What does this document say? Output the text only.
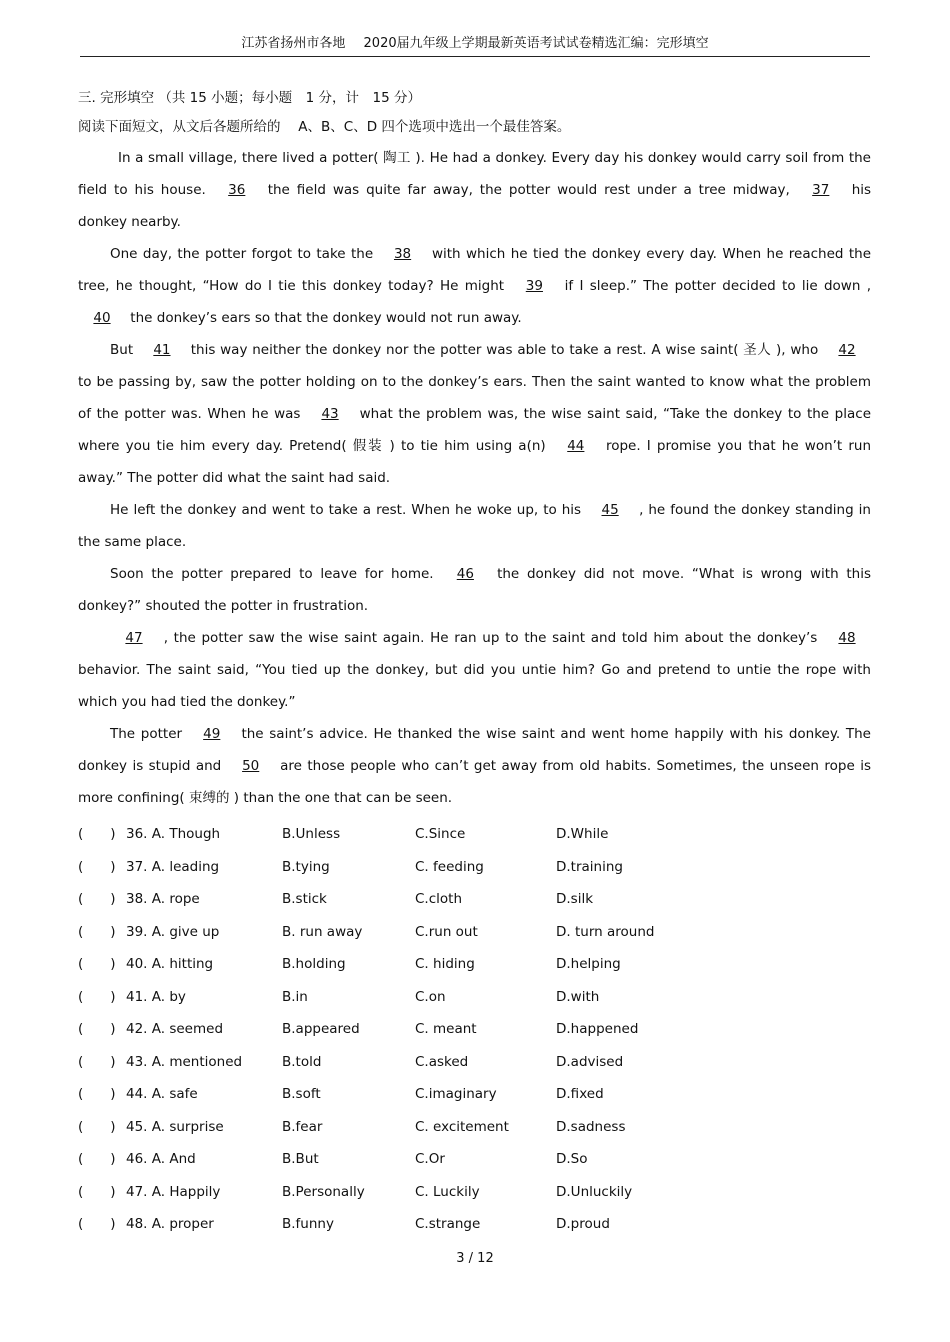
江苏省扬州市各地 2020届九年级上学期最新英语考试试卷精选汇编：完形填空
三. 完形填空 （共 15 小题；每小题　1 分，计　15 分）
阅读下面短文，从文后各题所给的　 A、B、C、D 四个选项中选出一个最佳答案。

In a small village, there lived a potter( 陶工 ). He had a donkey. Every day his donkey would carry soil from the field to his house. 36 the field was quite far away, the potter would rest under a tree midway, 37 his donkey nearby.

One day, the potter forgot to take the 38 with which he tied the donkey every day. When he reached the tree, he thought, “How do I tie this donkey today? He might 39 if I sleep.” The potter decided to lie down , 40 the donkey’s ears so that the donkey would not run away.

But 41 this way neither the donkey nor the potter was able to take a rest. A wise saint( 圣人 ), who 42 to be passing by, saw the potter holding on to the donkey’s ears. Then the saint wanted to know what the problem of the potter was. When he was 43 what the problem was, the wise saint said, “Take the donkey to the place where you tie him every day. Pretend( 假装 ) to tie him using a(n) 44 rope. I promise you that he won’t run away.” The potter did what the saint had said.

He left the donkey and went to take a rest. When he woke up, to his 45 , he found the donkey standing in the same place.

Soon the potter prepared to leave for home. 46 the donkey did not move. “What is wrong with this donkey?” shouted the potter in frustration.

47 , the potter saw the wise saint again. He ran up to the saint and told him about the donkey’s 48 behavior. The saint said, “You tied up the donkey, but did you untie him? Go and pretend to untie the rope with which you had tied the donkey.”

The potter 49 the saint’s advice. He thanked the wise saint and went home happily with his donkey. The donkey is stupid and 50 are those people who can’t get away from old habits. Sometimes, the unseen rope is more confining( 束缚的 ) than the one that can be seen.

(　　) 36. A. Though	B.Unless	C.Since	D.While
(　　) 37. A. leading	B.tying	C. feeding	D.training
(　　) 38. A. rope	B.stick	C.cloth	D.silk
(　　) 39. A. give up	B. run away	C.run out	D. turn around
(　　) 40. A. hitting	B.holding	C. hiding	D.helping
(　　) 41. A. by	B.in	C.on	D.with
(　　) 42. A. seemed	B.appeared	C. meant	D.happened
(　　) 43. A. mentioned	B.told	C.asked	D.advised
(　　) 44. A. safe	B.soft	C.imaginary	D.fixed
(　　) 45. A. surprise	B.fear	C. excitement	D.sadness
(　　) 46. A. And	B.But	C.Or	D.So
(　　) 47. A. Happily	B.Personally	C. Luckily	D.Unluckily
(　　) 48. A. proper	B.funny	C.strange	D.proud
3 / 12
